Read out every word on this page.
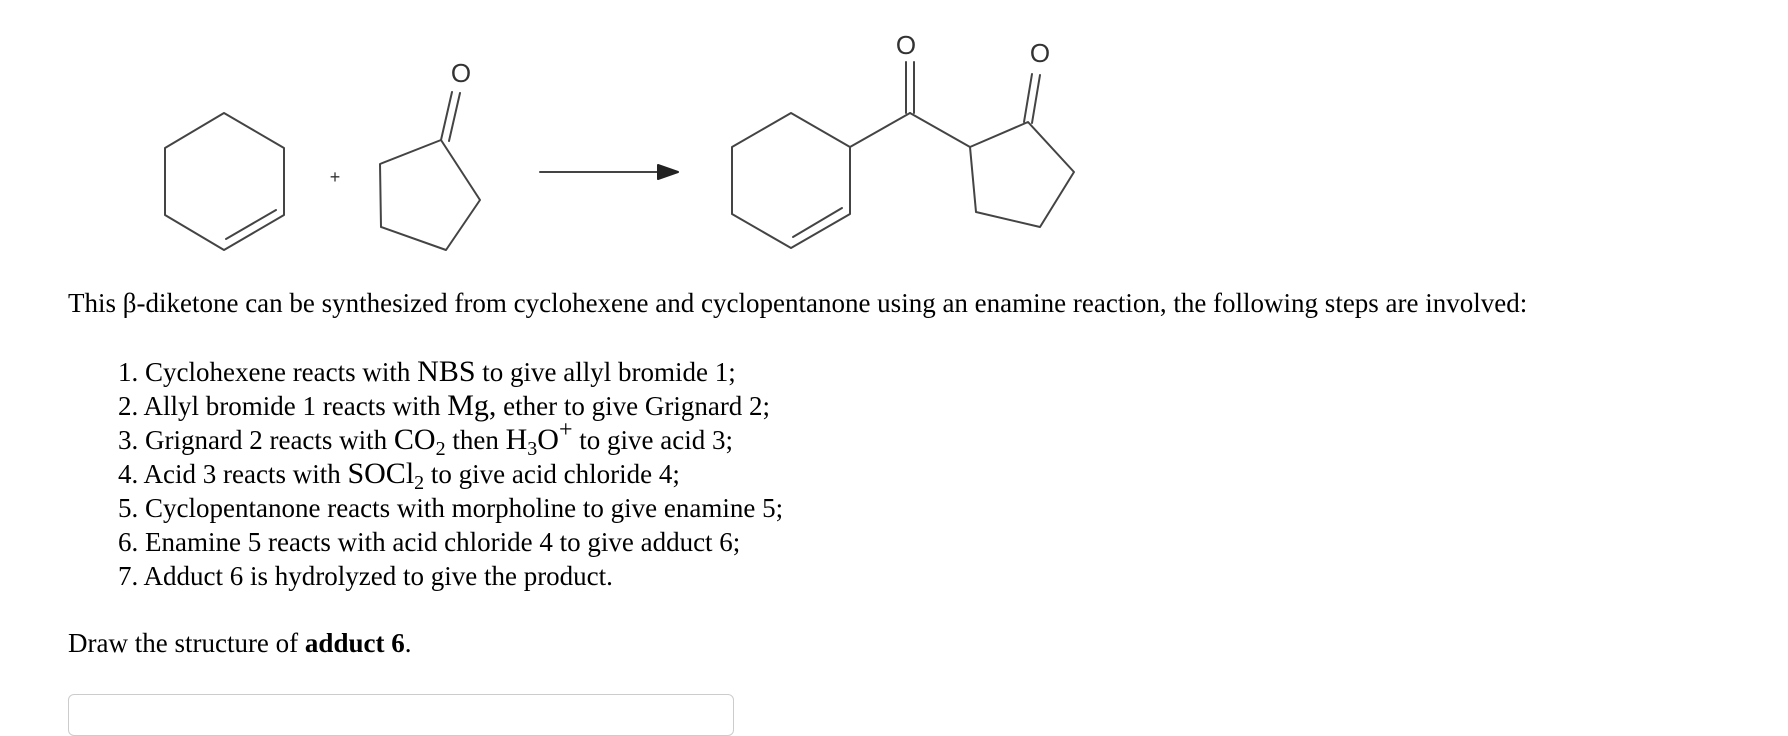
+
O
O	O
This β-diketone can be synthesized from cyclohexene and cyclopentanone using an enamine reaction, the following steps are involved:
1. Cyclohexene reacts with NBS to give allyl bromide 1;
2. Allyl bromide 1 reacts with Mg, ether to give Grignard 2;
3. Grignard 2 reacts with $CO_2$ then $H_3O^+$ to give acid 3;
4. Acid 3 reacts with SOCl$_2$ to give acid chloride 4;
5. Cyclopentanone reacts with morpholine to give enamine 5;
6. Enamine 5 reacts with acid chloride 4 to give adduct 6;
7. Adduct 6 is hydrolyzed to give the product.
Draw the structure of adduct 6.
